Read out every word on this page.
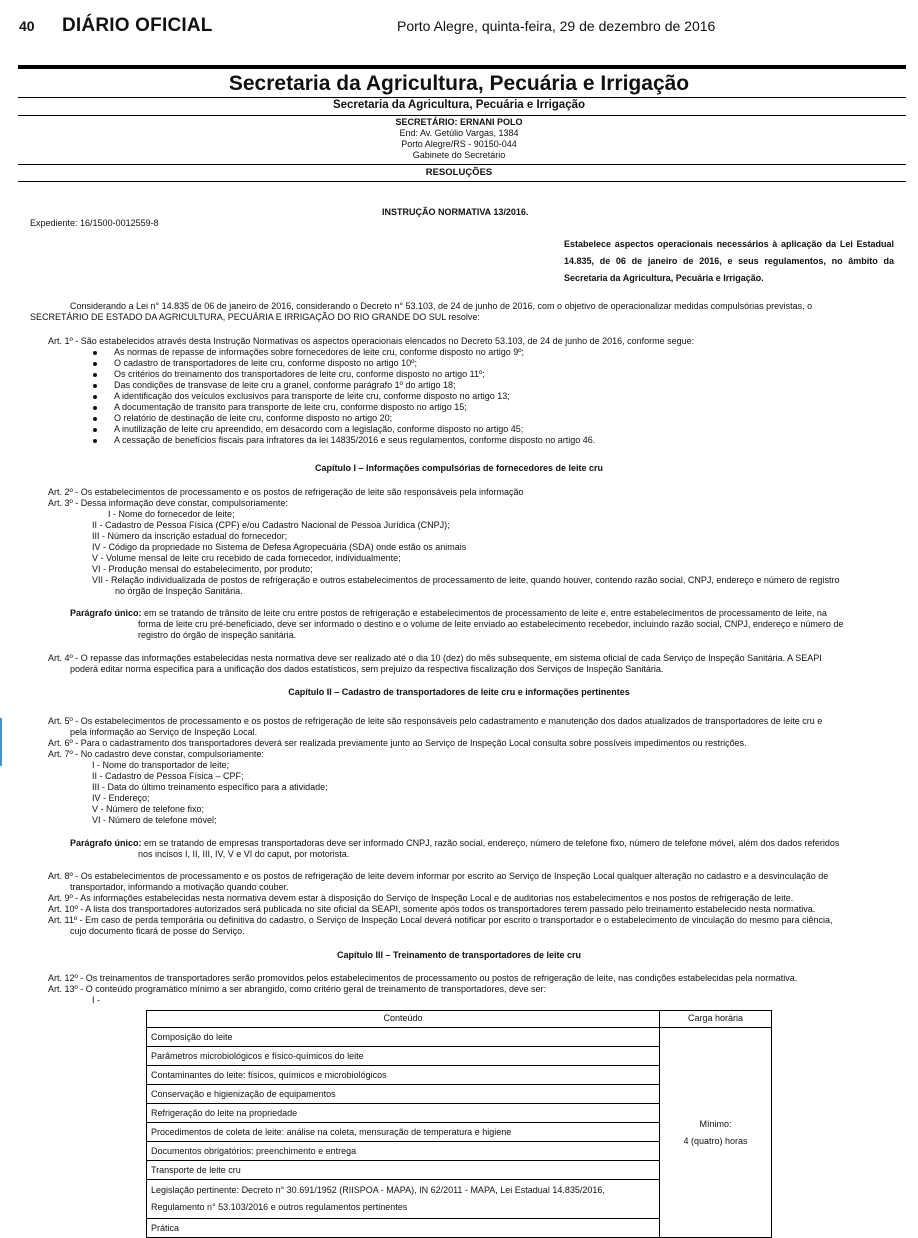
40 DIÁRIO OFICIAL	Porto Alegre, quinta-feira, 29 de dezembro de 2016
Secretaria da Agricultura, Pecuária e Irrigação
Secretaria da Agricultura, Pecuária e Irrigação
SECRETÁRIO: ERNANI POLO
End: Av. Getúlio Vargas, 1384
Porto Alegre/RS - 90150-044
Gabinete do Secretário
RESOLUÇÕES
INSTRUÇÃO NORMATIVA 13/2016.
Expediente: 16/1500-0012559-8
Estabelece aspectos operacionais necessários à aplicação da Lei Estadual 14.835, de 06 de janeiro de 2016, e seus regulamentos, no âmbito da Secretaria da Agricultura, Pecuária e Irrigação.
Considerando a Lei n° 14.835 de 06 de janeiro de 2016, considerando o Decreto n° 53.103, de 24 de junho de 2016, com o objetivo de operacionalizar medidas compulsórias previstas, o
SECRETÁRIO DE ESTADO DA AGRICULTURA, PECUÁRIA E IRRIGAÇÃO DO RIO GRANDE DO SUL resolve:
Art. 1º - São estabelecidos através desta Instrução Normativas os aspectos operacionais elencados no Decreto 53.103, de 24 de junho de 2016, conforme segue:
As normas de repasse de informações sobre fornecedores de leite cru, conforme disposto no artigo 9º;
O cadastro de transportadores de leite cru, conforme disposto no artigo 10º;
Os critérios do treinamento dos transportadores de leite cru, conforme disposto no artigo 11º;
Das condições de transvase de leite cru a granel, conforme parágrafo 1º do artigo 18;
A identificação dos veículos exclusivos para transporte de leite cru, conforme disposto no artigo 13;
A documentação de transito para transporte de leite cru, conforme disposto no artigo 15;
O relatório de destinação de leite cru, conforme disposto no artigo 20;
A inutilização de leite cru apreendido, em desacordo com a legislação, conforme disposto no artigo 45;
A cessação de benefícios fiscais para infratores da lei 14835/2016 e seus regulamentos, conforme disposto no artigo 46.
Capítulo I – Informações compulsórias de fornecedores de leite cru
Art. 2º - Os estabelecimentos de processamento e os postos de refrigeração de leite são responsáveis pela informação
Art. 3º - Dessa informação deve constar, compulsoriamente:
I - Nome do fornecedor de leite;
II - Cadastro de Pessoa Física (CPF) e/ou Cadastro Nacional de Pessoa Jurídica (CNPJ);
III - Número da inscrição estadual do fornecedor;
IV - Código da propriedade no Sistema de Defesa Agropecuária (SDA) onde estão os animais
V - Volume mensal de leite cru recebido de cada fornecedor, individualmente;
VI - Produção mensal do estabelecimento, por produto;
VII - Relação individualizada de postos de refrigeração e outros estabelecimentos de processamento de leite, quando houver, contendo razão social, CNPJ, endereço e número de registro
no órgão de Inspeção Sanitária.
Parágrafo único: em se tratando de trânsito de leite cru entre postos de refrigeração e estabelecimentos de processamento de leite e, entre estabelecimentos de processamento de leite, na
forma de leite cru pré-beneficiado, deve ser informado o destino e o volume de leite enviado ao estabelecimento recebedor, incluindo razão social, CNPJ, endereço e número de
registro do órgão de inspeção sanitária.
Art. 4º - O repasse das informações estabelecidas nesta normativa deve ser realizado até o dia 10 (dez) do mês subsequente, em sistema oficial de cada Serviço de Inspeção Sanitária. A SEAPI
poderá editar norma especifica para a unificação dos dados estatísticos, sem prejuizo da respectiva fiscalização dos Serviços de Inspeção Sanitária.
Capítulo II – Cadastro de transportadores de leite cru e informações pertinentes
Art. 5º - Os estabelecimentos de processamento e os postos de refrigeração de leite são responsáveis pelo cadastramento e manutenção dos dados atualizados de transportadores de leite cru e
pela informação ao Serviço de Inspeção Local.
Art. 6º - Para o cadastramento dos transportadores deverá ser realizada previamente junto ao Serviço de Inspeção Local consulta sobre possíveis impedimentos ou restrições.
Art. 7º - No cadastro deve constar, compulsoriamente:
I - Nome do transportador de leite;
II - Cadastro de Pessoa Física – CPF;
III - Data do último treinamento específico para a atividade;
IV - Endereço;
V - Número de telefone fixo;
VI - Número de telefone móvel;
Parágrafo único: em se tratando de empresas transportadoras deve ser informado CNPJ, razão social, endereço, número de telefone fixo, número de telefone móvel, além dos dados referidos
nos incisos I, II, III, IV, V e VI do caput, por motorista.
Art. 8º - Os estabelecimentos de processamento e os postos de refrigeração de leite devem informar por escrito ao Serviço de Inspeção Local qualquer alteração no cadastro e a desvinculação de
transportador, informando a motivação quando couber.
Art. 9º - As informações estabelecidas nesta normativa devem estar à disposição do Serviço de Inspeção Local e de auditorias nos estabelecimentos e nos postos de refrigeração de leite.
Art. 10º - A lista dos transportadores autorizados será publicada no site oficial da SEAPI, somente após todos os transportadores terem passado pelo treinamento estabelecido nesta normativa.
Art. 11º - Em caso de perda temporária ou definitiva do cadastro, o Serviço de Inspeção Local deverá notificar por escrito o transportador e o estabelecimento de vinculação do mesmo para ciência,
cujo documento ficará de posse do Serviço.
Capítulo III – Treinamento de transportadores de leite cru
Art. 12º - Os treinamentos de transportadores serão promovidos pelos estabelecimentos de processamento ou postos de refrigeração de leite, nas condições estabelecidas pela normativa.
Art. 13º - O conteúdo programático mínimo a ser abrangido, como critério geral de treinamento de transportadores, deve ser:
I -
Conteúdo	Carga horária
Composição do leite	Mínimo:
4 (quatro) horas

Parâmetros microbiológicos e físico-químicos do leite	
Contaminantes do leite: físicos, químicos e microbiológicos	
Conservação e higienização de equipamentos	
Refrigeração do leite na propriedade	
Procedimentos de coleta de leite: análise na coleta, mensuração de temperatura e higiene	
Documentos obrigatórios: preenchimento e entrega	
Transporte de leite cru	
Legislação pertinente: Decreto n° 30.691/1952 (RIISPOA - MAPA), IN 62/2011 - MAPA, Lei Estadual 14.835/2016, Regulamento n° 53.103/2016 e outros regulamentos pertinentes	
Prática	
